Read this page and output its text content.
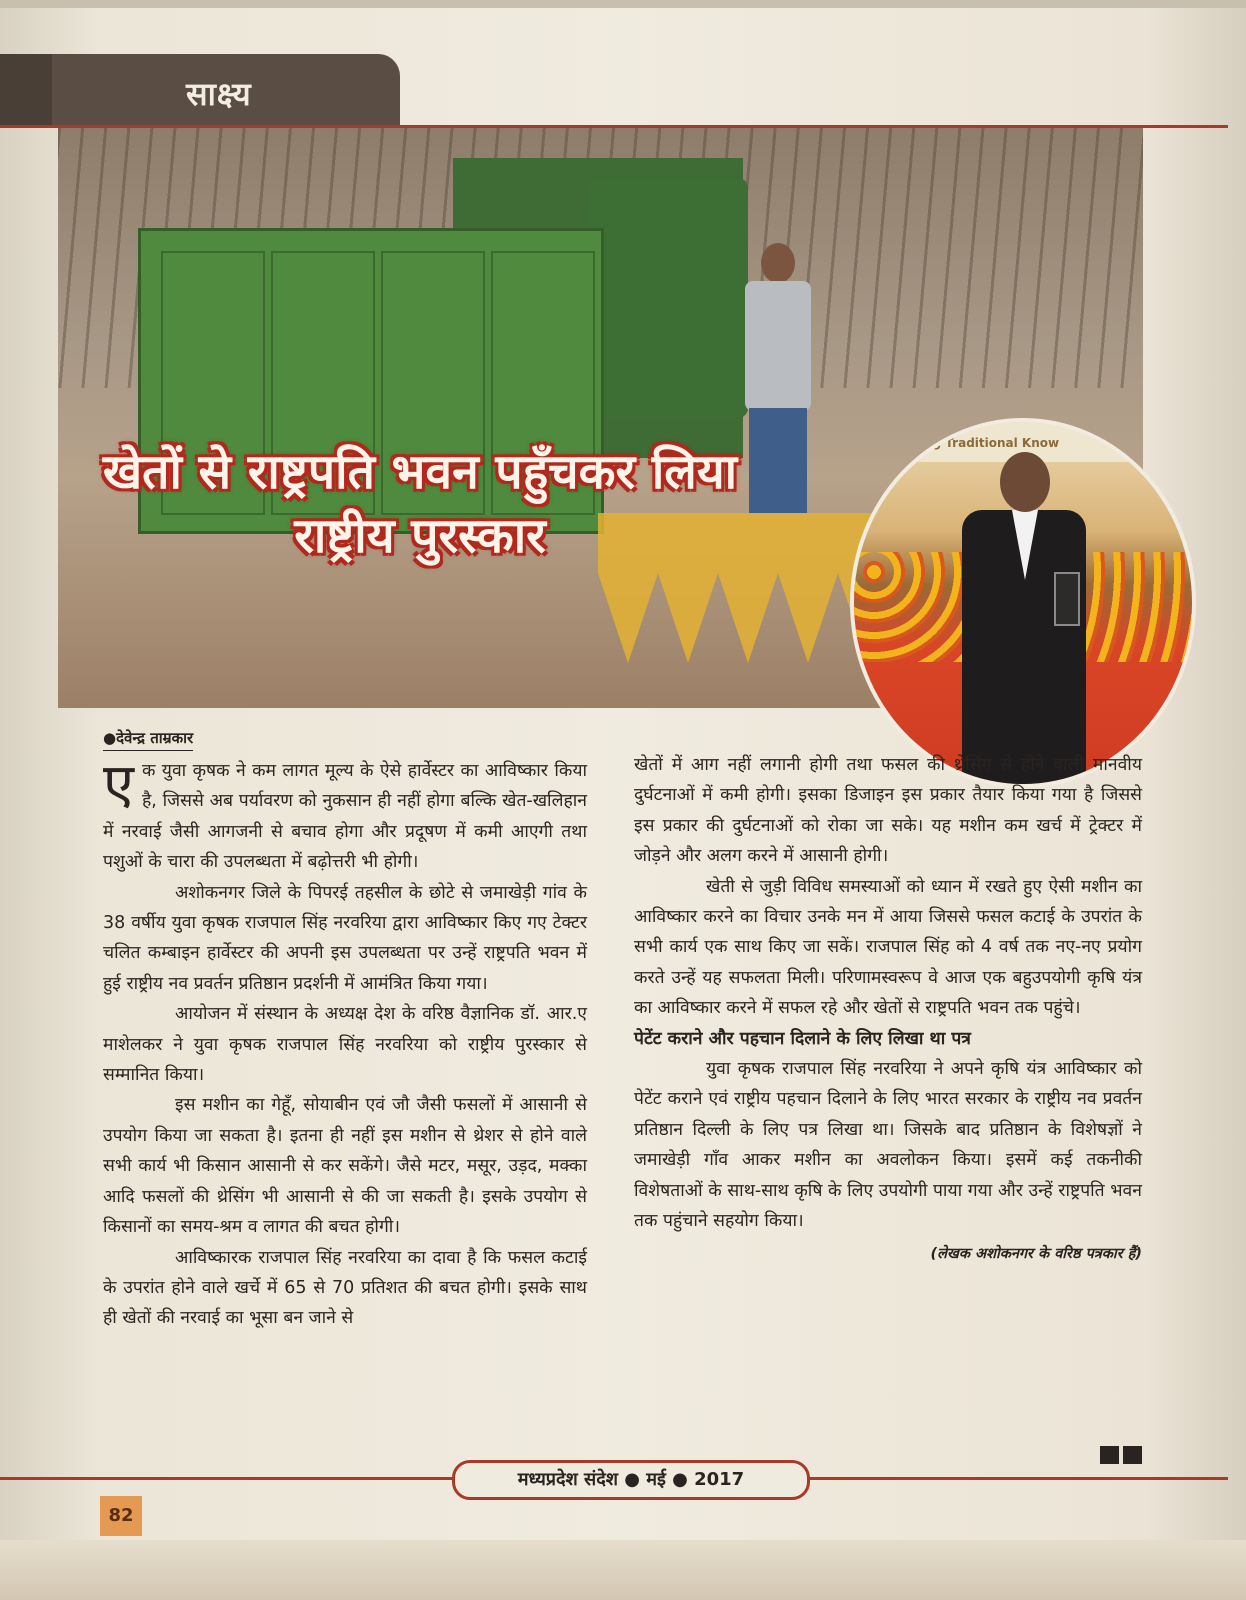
साक्ष्य
खेतों से राष्ट्रपति भवन पहुँचकर लिया
राष्ट्रीय पुरस्कार
ng Traditional Know
●देवेन्द्र ताम्रकार

एक युवा कृषक ने कम लागत मूल्य के ऐसे हार्वेस्टर का आविष्कार किया है, जिससे अब पर्यावरण को नुकसान ही नहीं होगा बल्कि खेत-खलिहान में नरवाई जैसी आगजनी से बचाव होगा और प्रदूषण में कमी आएगी तथा पशुओं के चारा की उपलब्धता में बढ़ोत्तरी भी होगी।

अशोकनगर जिले के पिपरई तहसील के छोटे से जमाखेड़ी गांव के 38 वर्षीय युवा कृषक राजपाल सिंह नरवरिया द्वारा आविष्कार किए गए टेक्टर चलित कम्बाइन हार्वेस्टर की अपनी इस उपलब्धता पर उन्हें राष्ट्रपति भवन में हुई राष्ट्रीय नव प्रवर्तन प्रतिष्ठान प्रदर्शनी में आमंत्रित किया गया।

आयोजन में संस्थान के अध्यक्ष देश के वरिष्ठ वैज्ञानिक डॉ. आर.ए माशेलकर ने युवा कृषक राजपाल सिंह नरवरिया को राष्ट्रीय पुरस्कार से सम्मानित किया।

इस मशीन का गेहूँ, सोयाबीन एवं जौ जैसी फसलों में आसानी से उपयोग किया जा सकता है। इतना ही नहीं इस मशीन से थ्रेशर से होने वाले सभी कार्य भी किसान आसानी से कर सकेंगे। जैसे मटर, मसूर, उड़द, मक्का आदि फसलों की थ्रेसिंग भी आसानी से की जा सकती है। इसके उपयोग से किसानों का समय-श्रम व लागत की बचत होगी।

आविष्कारक राजपाल सिंह नरवरिया का दावा है कि फसल कटाई के उपरांत होने वाले खर्चे में 65 से 70 प्रतिशत की बचत होगी। इसके साथ ही खेतों की नरवाई का भूसा बन जाने से

खेतों में आग नहीं लगानी होगी तथा फसल की थ्रेसिंग से होने वाली मानवीय दुर्घटनाओं में कमी होगी। इसका डिजाइन इस प्रकार तैयार किया गया है जिससे इस प्रकार की दुर्घटनाओं को रोका जा सके। यह मशीन कम खर्च में ट्रेक्टर में जोड़ने और अलग करने में आसानी होगी।

खेती से जुड़ी विविध समस्याओं को ध्यान में रखते हुए ऐसी मशीन का आविष्कार करने का विचार उनके मन में आया जिससे फसल कटाई के उपरांत के सभी कार्य एक साथ किए जा सकें। राजपाल सिंह को 4 वर्ष तक नए-नए प्रयोग करते उन्हें यह सफलता मिली। परिणामस्वरूप वे आज एक बहुउपयोगी कृषि यंत्र का आविष्कार करने में सफल रहे और खेतों से राष्ट्रपति भवन तक पहुंचे।

पेटेंट कराने और पहचान दिलाने के लिए लिखा था पत्र

युवा कृषक राजपाल सिंह नरवरिया ने अपने कृषि यंत्र आविष्कार को पेटेंट कराने एवं राष्ट्रीय पहचान दिलाने के लिए भारत सरकार के राष्ट्रीय नव प्रवर्तन प्रतिष्ठान दिल्ली के लिए पत्र लिखा था। जिसके बाद प्रतिष्ठान के विशेषज्ञों ने जमाखेड़ी गाँव आकर मशीन का अवलोकन किया। इसमें कई तकनीकी विशेषताओं के साथ-साथ कृषि के लिए उपयोगी पाया गया और उन्हें राष्ट्रपति भवन तक पहुंचाने सहयोग किया।

(लेखक अशोकनगर के वरिष्ठ पत्रकार हैं)

मध्यप्रदेश संदेश ● मई ● 2017
82
